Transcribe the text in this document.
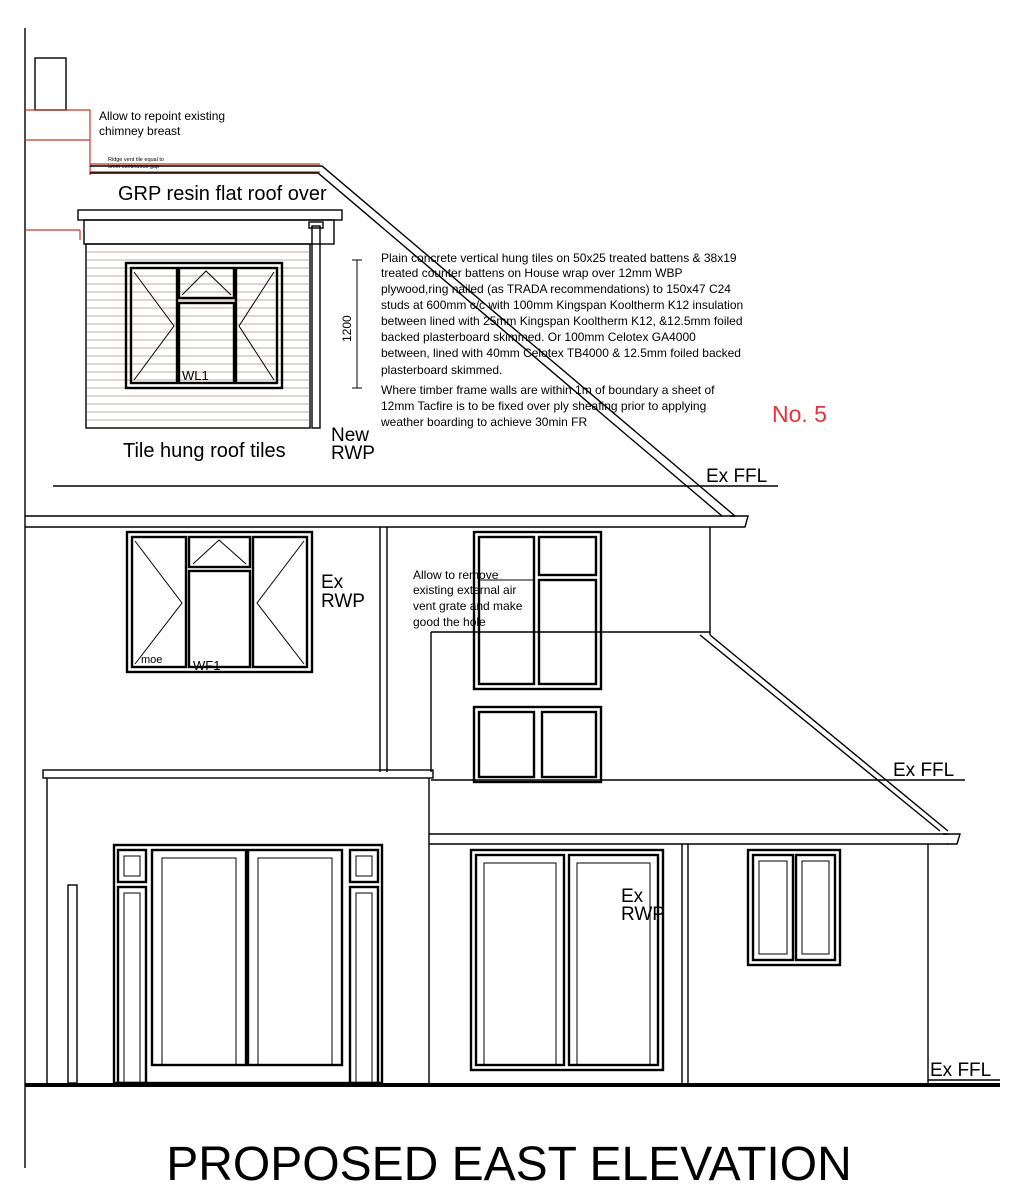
Allow to repoint existing
chimney breast
Ridge vent tile equal to
5mm continuous gap
GRP resin flat roof over
WL1
1200
Plain concrete vertical hung tiles on 50x25 treated battens & 38x19
treated counter battens on House wrap over 12mm WBP
plywood,ring nailed (as TRADA recommendations) to 150x47 C24
studs at 600mm c/c with 100mm Kingspan Kooltherm K12 insulation
between lined with 25mm Kingspan Kooltherm K12, &12.5mm foiled
backed plasterboard skimmed. Or 100mm Celotex GA4000
between, lined with 40mm Celotex TB4000 & 12.5mm foiled backed
plasterboard skimmed.
Where timber frame walls are within 1m of boundary a sheet of
12mm Tacfire is to be fixed over ply sheafing prior to applying
weather boarding to achieve 30min FR	No. 5
Tile hung roof tiles
New
RWP
Ex FFL
moe WF1
Ex
RWP
Allow to remove
existing external air
vent grate and make
good the hole
Ex FFL
Ex
RWP
Ex FFL
PROPOSED EAST ELEVATION
